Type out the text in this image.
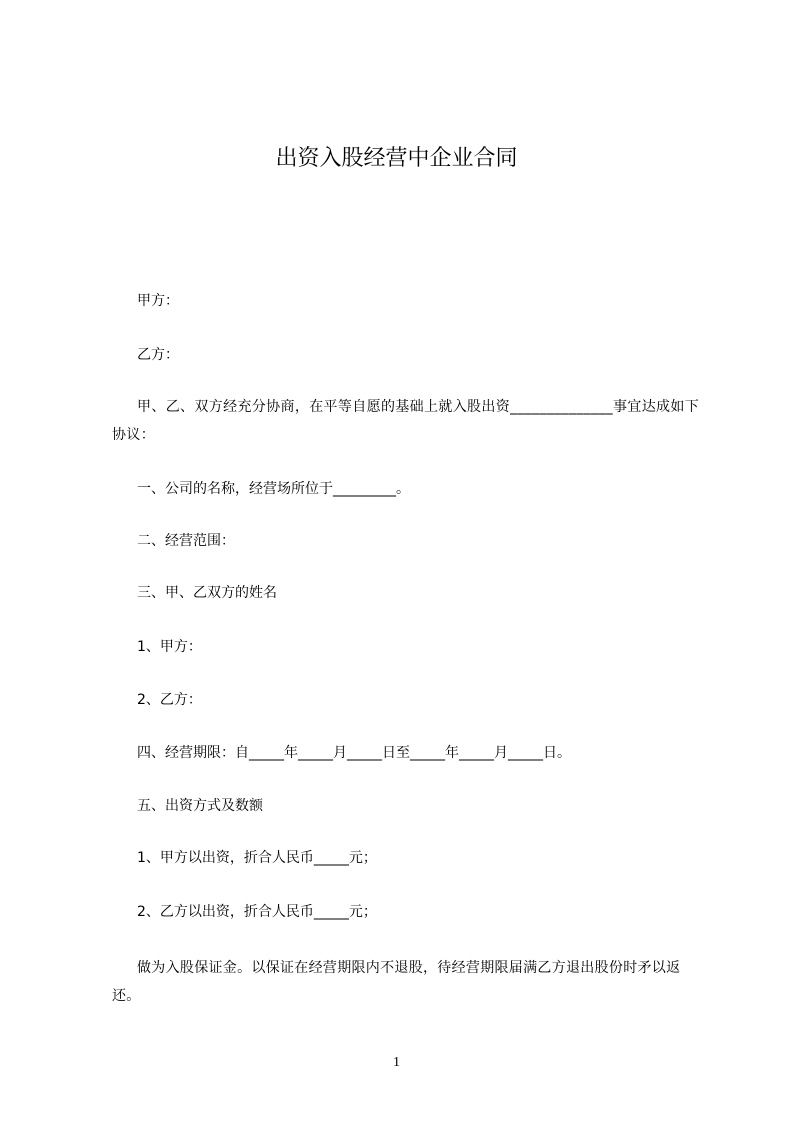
出资入股经营中企业合同
甲方：
乙方：
甲、乙、双方经充分协商，在平等自愿的基础上就入股出资______________事宜达成如下协议：
一、公司的名称，经营场所位于_________。
二、经营范围：
三、甲、乙双方的姓名
1、甲方：
2、乙方：
四、经营期限：自_____年_____月_____日至_____年_____月_____日。
五、出资方式及数额
1、甲方以出资，折合人民币_____元；
2、乙方以出资，折合人民币_____元；
做为入股保证金。以保证在经营期限内不退股，待经营期限届满乙方退出股份时矛以返还。
1
